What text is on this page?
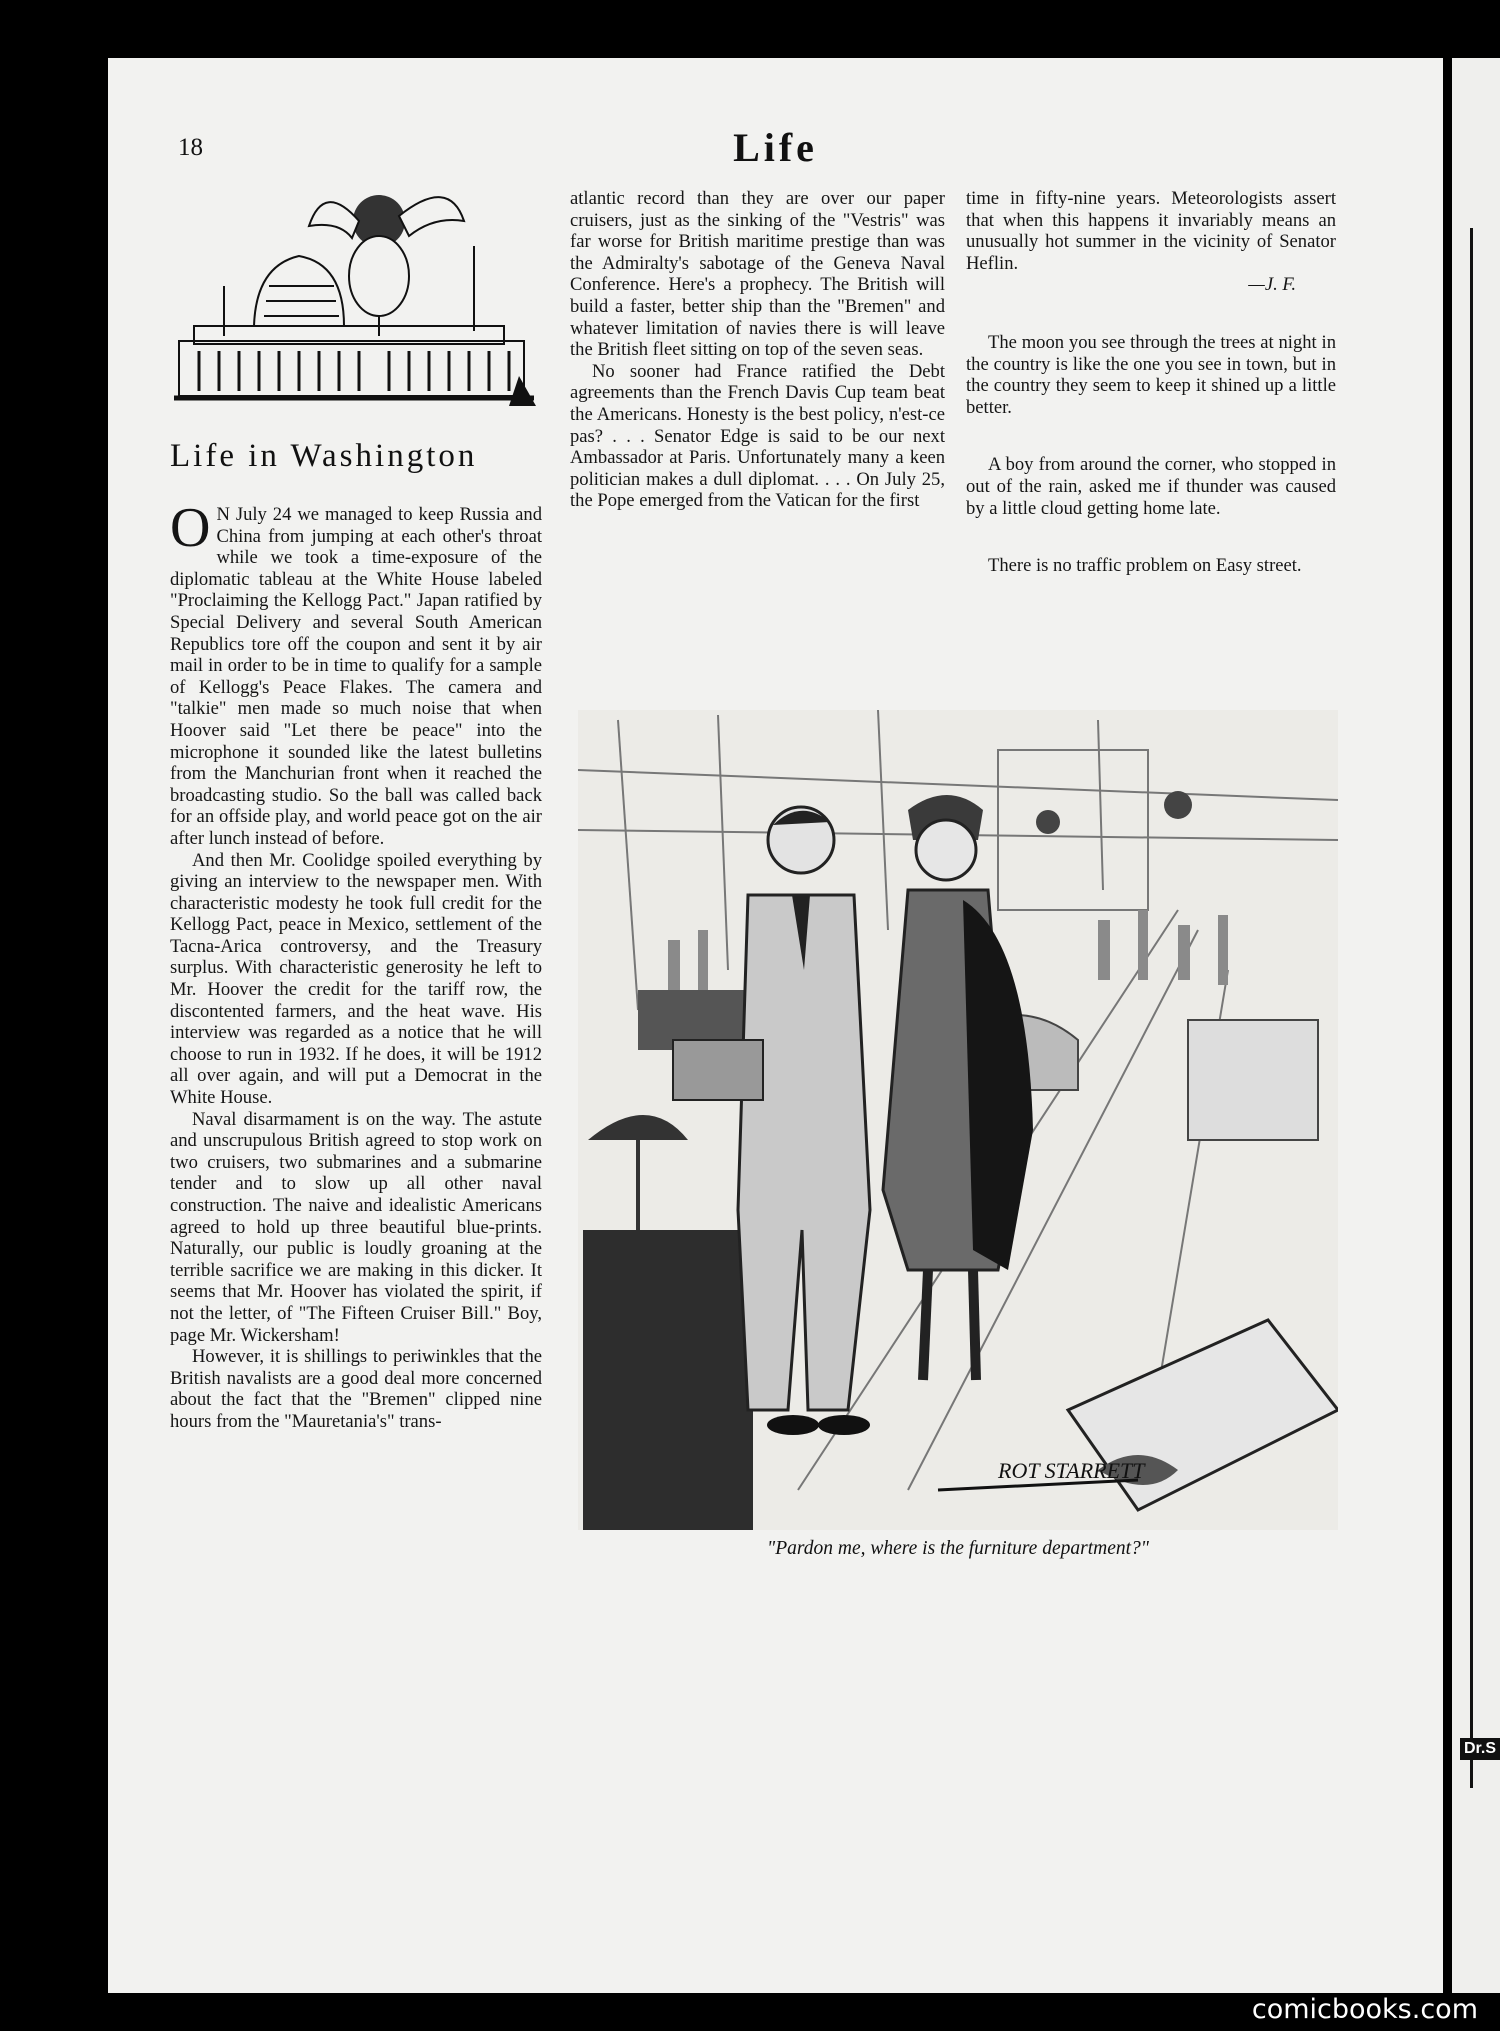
18	Life
Life in Washington

O N July 24 we managed to keep Russia and China from jumping at each other's throat while we took a time-exposure of the diplomatic tableau at the White House labeled "Proclaiming the Kellogg Pact." Japan ratified by Special Delivery and several South American Republics tore off the coupon and sent it by air mail in order to be in time to qualify for a sample of Kellogg's Peace Flakes. The camera and "talkie" men made so much noise that when Hoover said "Let there be peace" into the microphone it sounded like the latest bulletins from the Manchurian front when it reached the broadcasting studio. So the ball was called back for an offside play, and world peace got on the air after lunch instead of before.

And then Mr. Coolidge spoiled everything by giving an interview to the newspaper men. With characteristic modesty he took full credit for the Kellogg Pact, peace in Mexico, settlement of the Tacna-Arica controversy, and the Treasury surplus. With characteristic generosity he left to Mr. Hoover the credit for the tariff row, the discontented farmers, and the heat wave. His interview was regarded as a notice that he will choose to run in 1932. If he does, it will be 1912 all over again, and will put a Democrat in the White House.

Naval disarmament is on the way. The astute and unscrupulous British agreed to stop work on two cruisers, two submarines and a submarine tender and to slow up all other naval construction. The naive and idealistic Americans agreed to hold up three beautiful blue-prints. Naturally, our public is loudly groaning at the terrible sacrifice we are making in this dicker. It seems that Mr. Hoover has violated the spirit, if not the letter, of "The Fifteen Cruiser Bill." Boy, page Mr. Wickersham!

However, it is shillings to periwinkles that the British navalists are a good deal more concerned about the fact that the "Bremen" clipped nine hours from the "Mauretania's" trans-

atlantic record than they are over our paper cruisers, just as the sinking of the "Vestris" was far worse for British maritime prestige than was the Admiralty's sabotage of the Geneva Naval Conference. Here's a prophecy. The British will build a faster, better ship than the "Bremen" and whatever limitation of navies there is will leave the British fleet sitting on top of the seven seas.

No sooner had France ratified the Debt agreements than the French Davis Cup team beat the Americans. Honesty is the best policy, n'est-ce pas? . . . Senator Edge is said to be our next Ambassador at Paris. Unfortunately many a keen politician makes a dull diplomat. . . . On July 25, the Pope emerged from the Vatican for the first

time in fifty-nine years. Meteorologists assert that when this happens it invariably means an unusually hot summer in the vicinity of Senator Heflin.

—J. F.

The moon you see through the trees at night in the country is like the one you see in town, but in the country they seem to keep it shined up a little better.

A boy from around the corner, who stopped in out of the rain, asked me if thunder was caused by a little cloud getting home late.

There is no traffic problem on Easy street.

ROT STARRETT
"Pardon me, where is the furniture department?"
Dr.S
comicbooks.com
